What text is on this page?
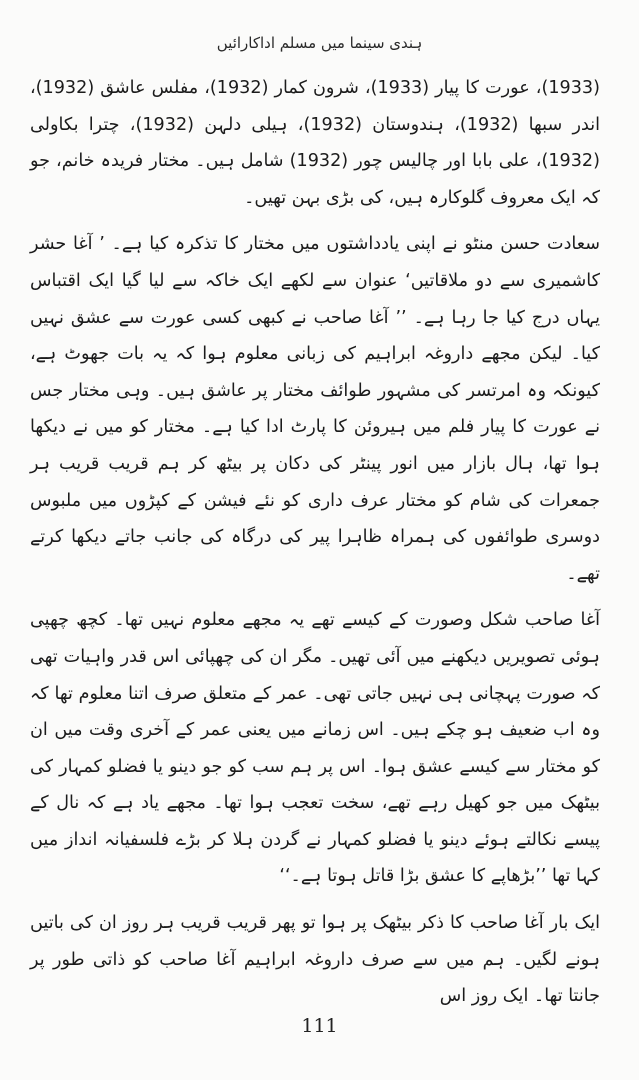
ہندی سینما میں مسلم اداکارائیں

(1933)، عورت کا پیار (1933)، شرون کمار (1932)، مفلس عاشق (1932)، اندر سبھا (1932)، ہندوستان (1932)، ہیلی دلہن (1932)، چترا بکاولی (1932)، علی بابا اور چالیس چور (1932) شامل ہیں۔ مختار فریدہ خانم، جو کہ ایک معروف گلوکارہ ہیں، کی بڑی بہن تھیں۔

سعادت حسن منٹو نے اپنی یادداشتوں میں مختار کا تذکرہ کیا ہے۔ ’ آغا حشر کاشمیری سے دو ملاقاتیں‘ عنوان سے لکھے ایک خاکہ سے لیا گیا ایک اقتباس یہاں درج کیا جا رہا ہے۔ ’’ آغا صاحب نے کبھی کسی عورت سے عشق نہیں کیا۔ لیکن مجھے داروغہ ابراہیم کی زبانی معلوم ہوا کہ یہ بات جھوٹ ہے، کیونکہ وہ امرتسر کی مشہور طوائف مختار پر عاشق ہیں۔ وہی مختار جس نے عورت کا پیار فلم میں ہیروئن کا پارٹ ادا کیا ہے۔ مختار کو میں نے دیکھا ہوا تھا، ہال بازار میں انور پینٹر کی دکان پر بیٹھ کر ہم قریب قریب ہر جمعرات کی شام کو مختار عرف داری کو نئے فیشن کے کپڑوں میں ملبوس دوسری طوائفوں کی ہمراہ ظاہرا پیر کی درگاہ کی جانب جاتے دیکھا کرتے تھے۔

آغا صاحب شکل وصورت کے کیسے تھے یہ مجھے معلوم نہیں تھا۔ کچھ چھپی ہوئی تصویریں دیکھنے میں آئی تھیں۔ مگر ان کی چھپائی اس قدر واہیات تھی کہ صورت پہچانی ہی نہیں جاتی تھی۔ عمر کے متعلق صرف اتنا معلوم تھا کہ وہ اب ضعیف ہو چکے ہیں۔ اس زمانے میں یعنی عمر کے آخری وقت میں ان کو مختار سے کیسے عشق ہوا۔ اس پر ہم سب کو جو دینو یا فضلو کمہار کی بیٹھک میں جو کھیل رہے تھے، سخت تعجب ہوا تھا۔ مجھے یاد ہے کہ نال کے پیسے نکالتے ہوئے دینو یا فضلو کمہار نے گردن ہلا کر بڑے فلسفیانہ انداز میں کہا تھا ’’بڑھاپے کا عشق بڑا قاتل ہوتا ہے۔‘‘

ایک بار آغا صاحب کا ذکر بیٹھک پر ہوا تو پھر قریب قریب ہر روز ان کی باتیں ہونے لگیں۔ ہم میں سے صرف داروغہ ابراہیم آغا صاحب کو ذاتی طور پر جانتا تھا۔ ایک روز اس

111
